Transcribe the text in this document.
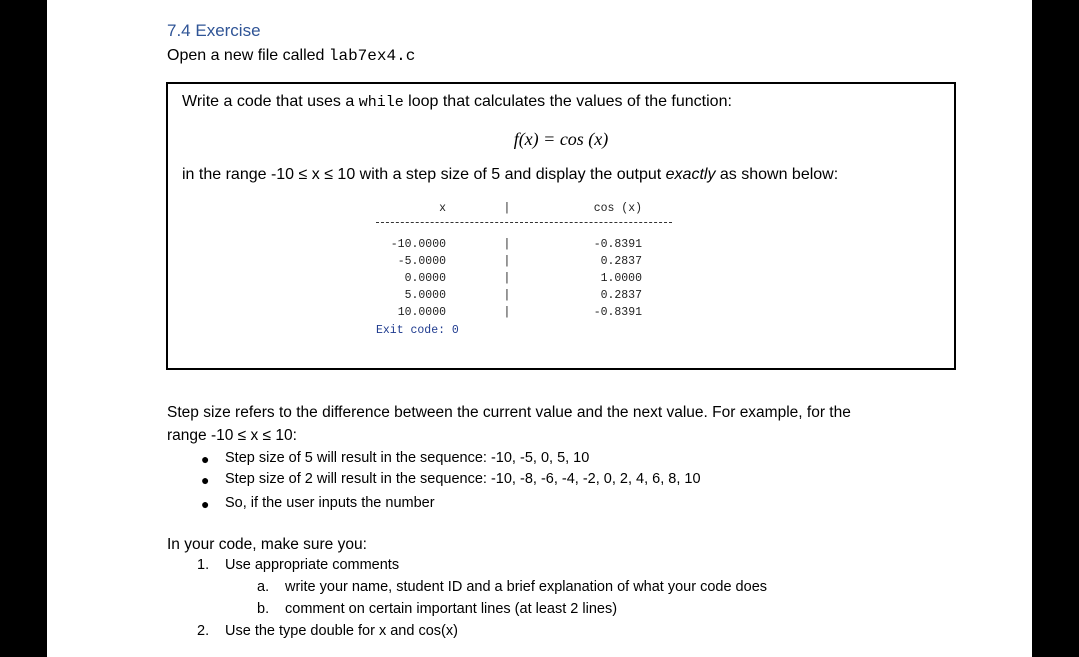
7.4 Exercise
Open a new file called lab7ex4.c
Write a code that uses a while loop that calculates the values of the function:
f(x) = cos (x)
in the range -10 ≤ x ≤ 10 with a step size of 5 and display the output exactly as shown below:
x	|	cos (x)
-10.0000	|	-0.8391
-5.0000	|	0.2837
0.0000	|	1.0000
5.0000	|	0.2837
10.0000	|	-0.8391
Exit code: 0
Step size refers to the difference between the current value and the next value. For example, for the
range -10 ≤ x ≤ 10:
● Step size of 5 will result in the sequence: -10, -5, 0, 5, 10
● Step size of 2 will result in the sequence: -10, -8, -6, -4, -2, 0, 2, 4, 6, 8, 10
● So, if the user inputs the number
In your code, make sure you:
1. Use appropriate comments
a. write your name, student ID and a brief explanation of what your code does
b. comment on certain important lines (at least 2 lines)
2. Use the type double for x and cos(x)
